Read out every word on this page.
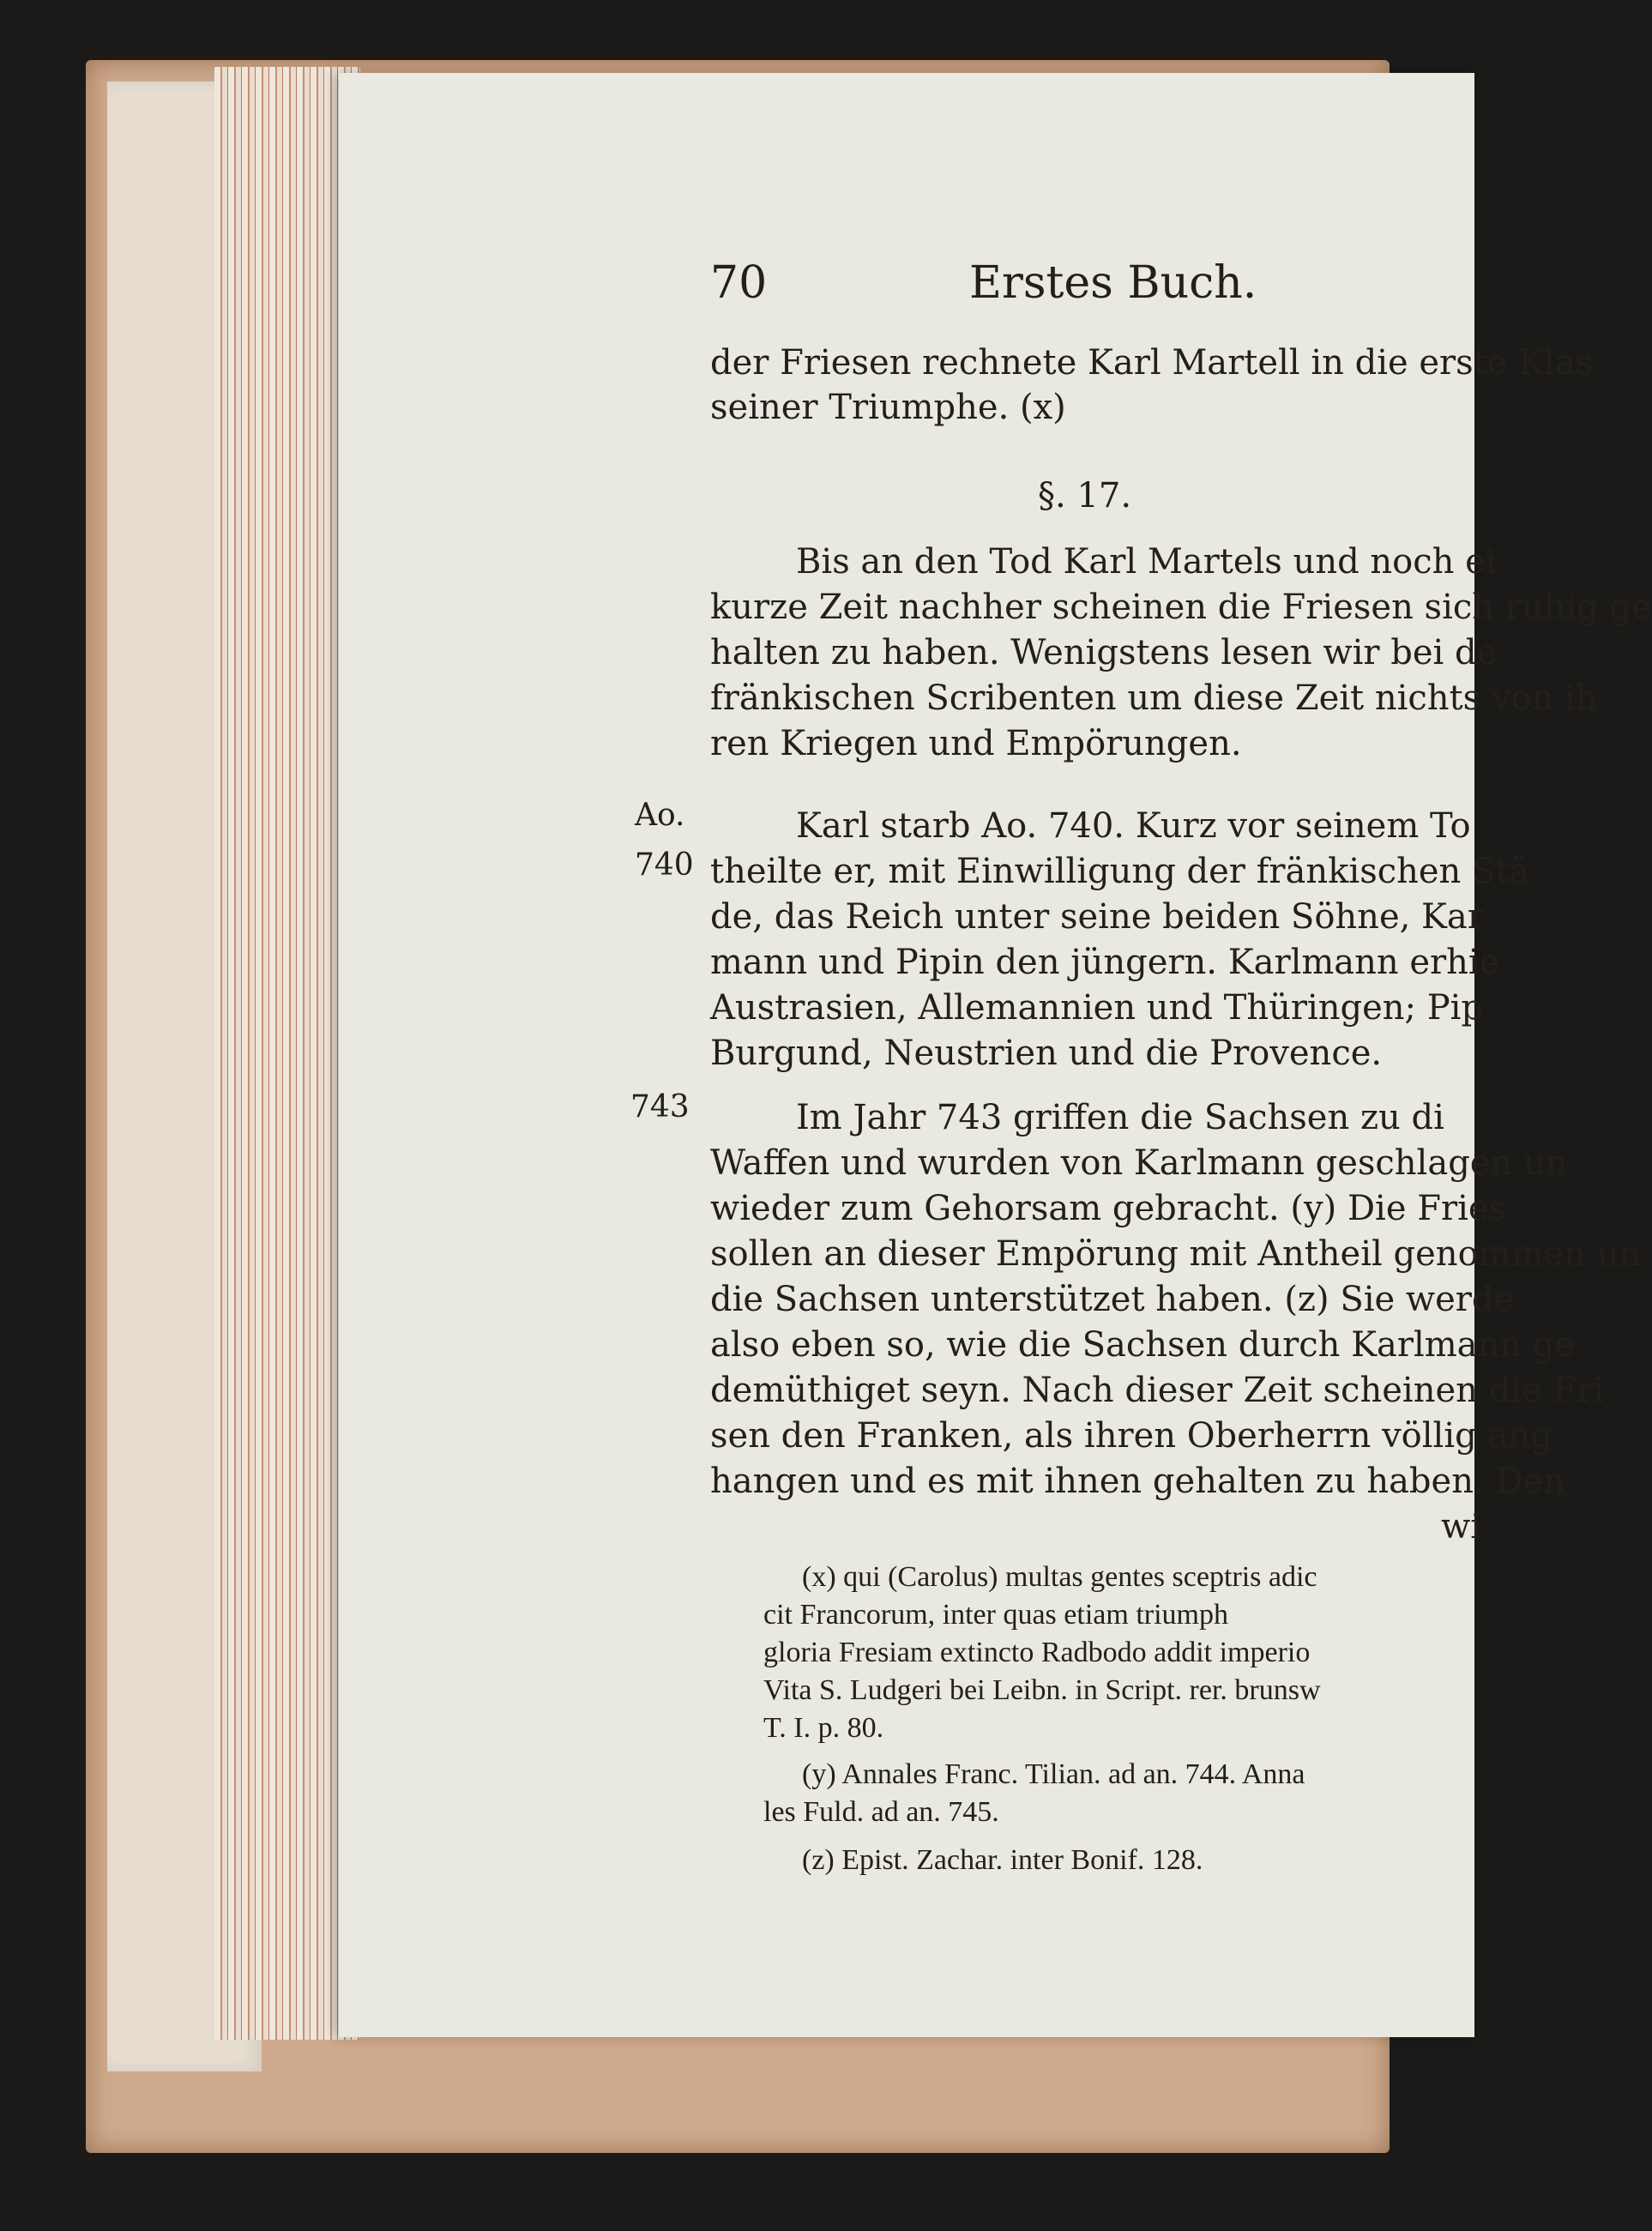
70	Erstes Buch.
der Friesen rechnete Karl Martell in die erste Klas
seiner Triumphe. (x)
§. 17.
Bis an den Tod Karl Martels und noch ei
kurze Zeit nachher scheinen die Friesen sich ruhig ge
halten zu haben. Wenigstens lesen wir bei de
fränkischen Scribenten um diese Zeit nichts von ih
ren Kriegen und Empörungen.
Ao.
740
Karl starb Ao. 740. Kurz vor seinem To
theilte er, mit Einwilligung der fränkischen Stä
de, das Reich unter seine beiden Söhne, Kar
mann und Pipin den jüngern. Karlmann erhie
Austrasien, Allemannien und Thüringen; Pip
Burgund, Neustrien und die Provence.
743	Im Jahr 743 griffen die Sachsen zu di
Waffen und wurden von Karlmann geschlagen un
wieder zum Gehorsam gebracht. (y) Die Fries
sollen an dieser Empörung mit Antheil genommen un
die Sachsen unterstützet haben. (z) Sie werde
also eben so, wie die Sachsen durch Karlmann ge
demüthiget seyn. Nach dieser Zeit scheinen die Fri
sen den Franken, als ihren Oberherrn völlig ang
hangen und es mit ihnen gehalten zu haben. Den
wi
(x) qui (Carolus) multas gentes sceptris adic
cit Francorum, inter quas etiam triumph
gloria Fresiam extincto Radbodo addit imperio
Vita S. Ludgeri bei Leibn. in Script. rer. brunsw
T. I. p. 80.
(y) Annales Franc. Tilian. ad an. 744. Anna
les Fuld. ad an. 745.
(z) Epist. Zachar. inter Bonif. 128.
